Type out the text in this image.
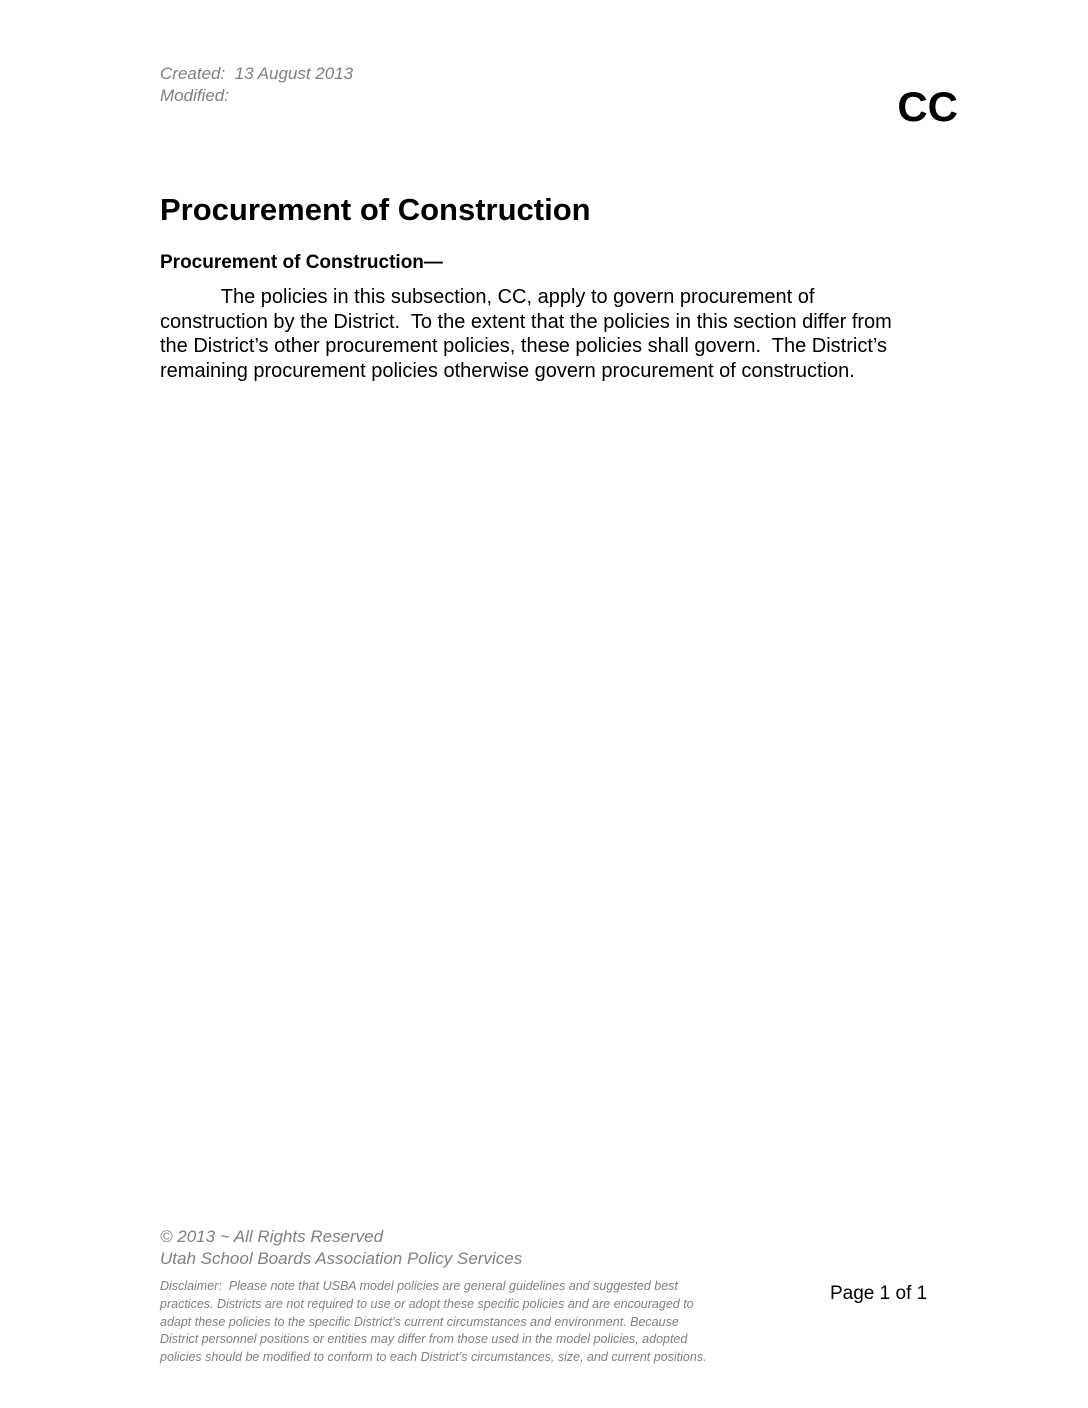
Created:  13 August 2013
Modified:	CC
Procurement of Construction
Procurement of Construction—
The policies in this subsection, CC, apply to govern procurement of
construction by the District.  To the extent that the policies in this section differ from
the District’s other procurement policies, these policies shall govern.  The District’s
remaining procurement policies otherwise govern procurement of construction.
© 2013 ~ All Rights Reserved
Utah School Boards Association Policy Services
Disclaimer:  Please note that USBA model policies are general guidelines and suggested best
practices. Districts are not required to use or adopt these specific policies and are encouraged to
adapt these policies to the specific District’s current circumstances and environment. Because
District personnel positions or entities may differ from those used in the model policies, adopted
policies should be modified to conform to each District’s circumstances, size, and current positions.
Page 1 of 1
